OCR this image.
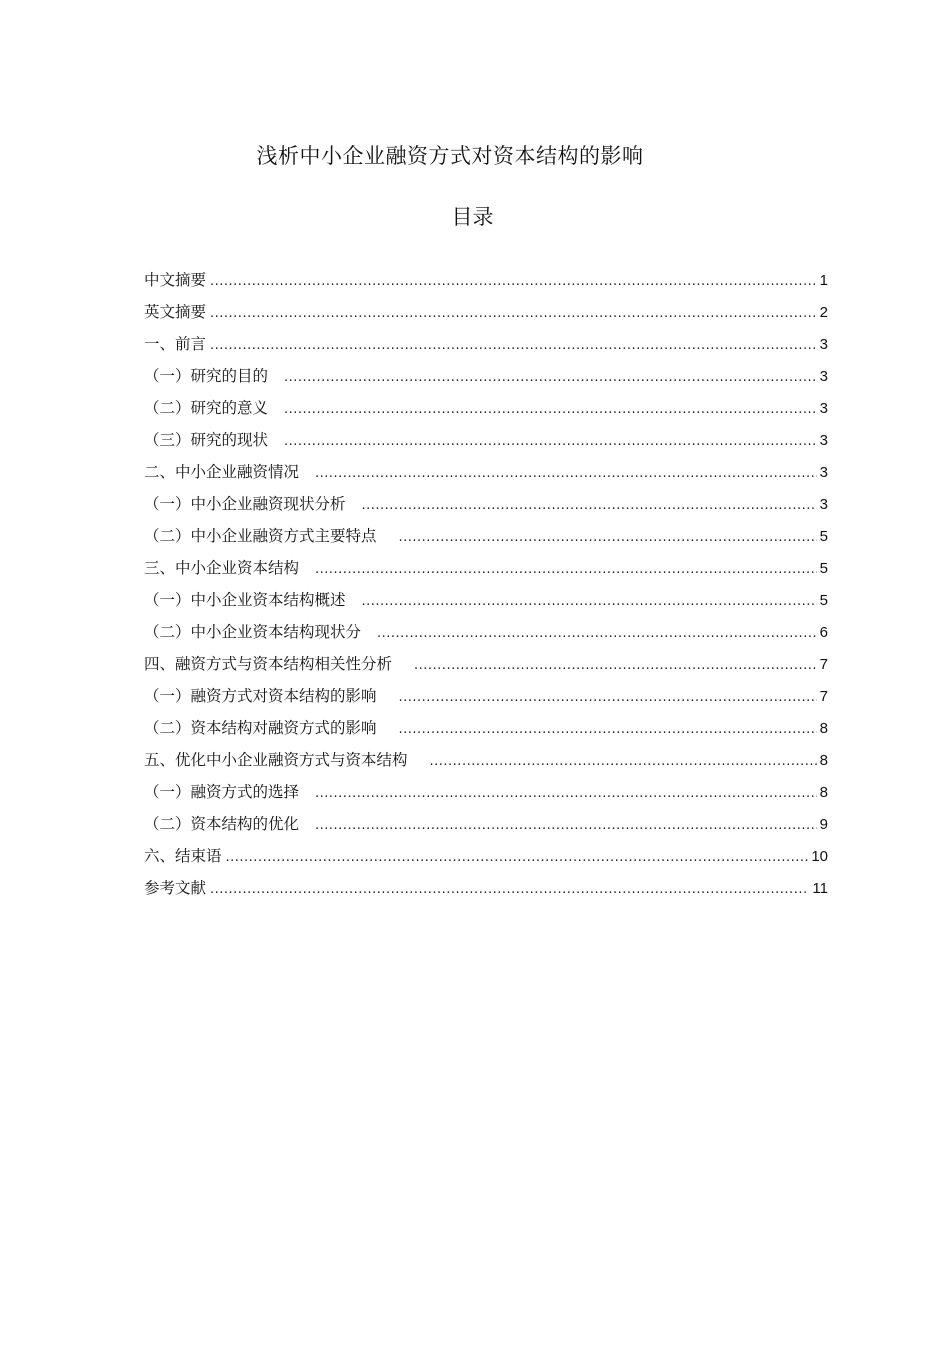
浅析中小企业融资方式对资本结构的影响
目录
中文摘要 .....	1
英文摘要 .....	2
一、前言 .....	3
（一）研究的目的 .....	3
（二）研究的意义 .....	3
（三）研究的现状 .....	3
二、中小企业融资情况 .....	3
（一）中小企业融资现状分析 .....	3
（二）中小企业融资方式主要特点 .....	5
三、中小企业资本结构 .....	5
（一）中小企业资本结构概述 .....	5
（二）中小企业资本结构现状分 .....	6
四、融资方式与资本结构相关性分析 .....	7
（一）融资方式对资本结构的影响 .....	7
（二）资本结构对融资方式的影响 .....	8
五、优化中小企业融资方式与资本结构 .....	8
（一）融资方式的选择 .....	8
（二）资本结构的优化 .....	9
六、结束语 .....	10
参考文献 .....	11
